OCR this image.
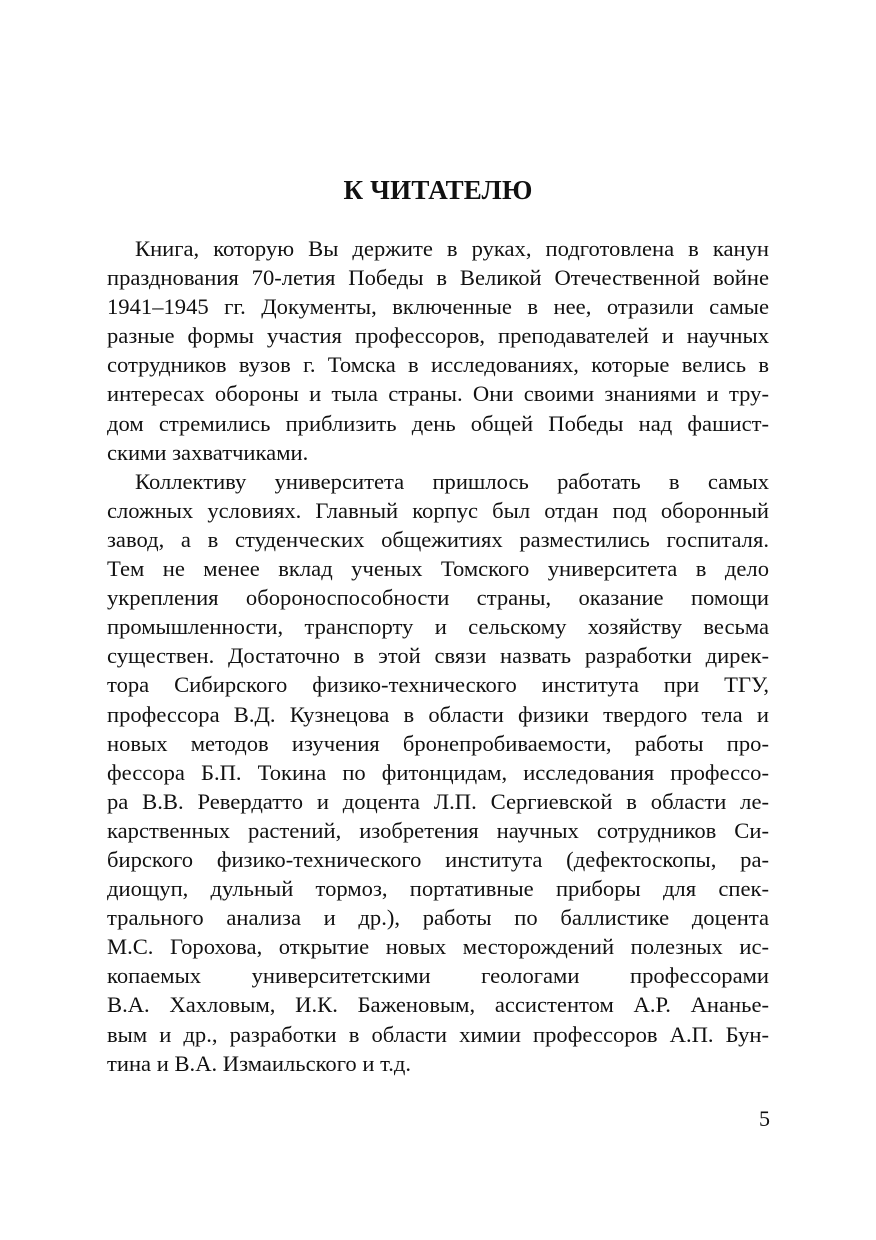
К ЧИТАТЕЛЮ
Книга, которую Вы держите в руках, подготовлена в канун
празднования 70-летия Победы в Великой Отечественной войне
1941–1945 гг. Документы, включенные в нее, отразили самые
разные формы участия профессоров, преподавателей и научных
сотрудников вузов г. Томска в исследованиях, которые велись в
интересах обороны и тыла страны. Они своими знаниями и тру-
дом стремились приблизить день общей Победы над фашист-
скими захватчиками.
Коллективу университета пришлось работать в самых
сложных условиях. Главный корпус был отдан под оборонный
завод, а в студенческих общежитиях разместились госпиталя.
Тем не менее вклад ученых Томского университета в дело
укрепления обороноспособности страны, оказание помощи
промышленности, транспорту и сельскому хозяйству весьма
существен. Достаточно в этой связи назвать разработки дирек-
тора Сибирского физико-технического института при ТГУ,
профессора В.Д. Кузнецова в области физики твердого тела и
новых методов изучения бронепробиваемости, работы про-
фессора Б.П. Токина по фитонцидам, исследования профессо-
ра В.В. Ревердатто и доцента Л.П. Сергиевской в области ле-
карственных растений, изобретения научных сотрудников Си-
бирского физико-технического института (дефектоскопы, ра-
диощуп, дульный тормоз, портативные приборы для спек-
трального анализа и др.), работы по баллистике доцента
М.С. Горохова, открытие новых месторождений полезных ис-
копаемых университетскими геологами профессорами
В.А. Хахловым, И.К. Баженовым, ассистентом А.Р. Ананье-
вым и др., разработки в области химии профессоров А.П. Бун-
тина и В.А. Измаильского и т.д.
5
